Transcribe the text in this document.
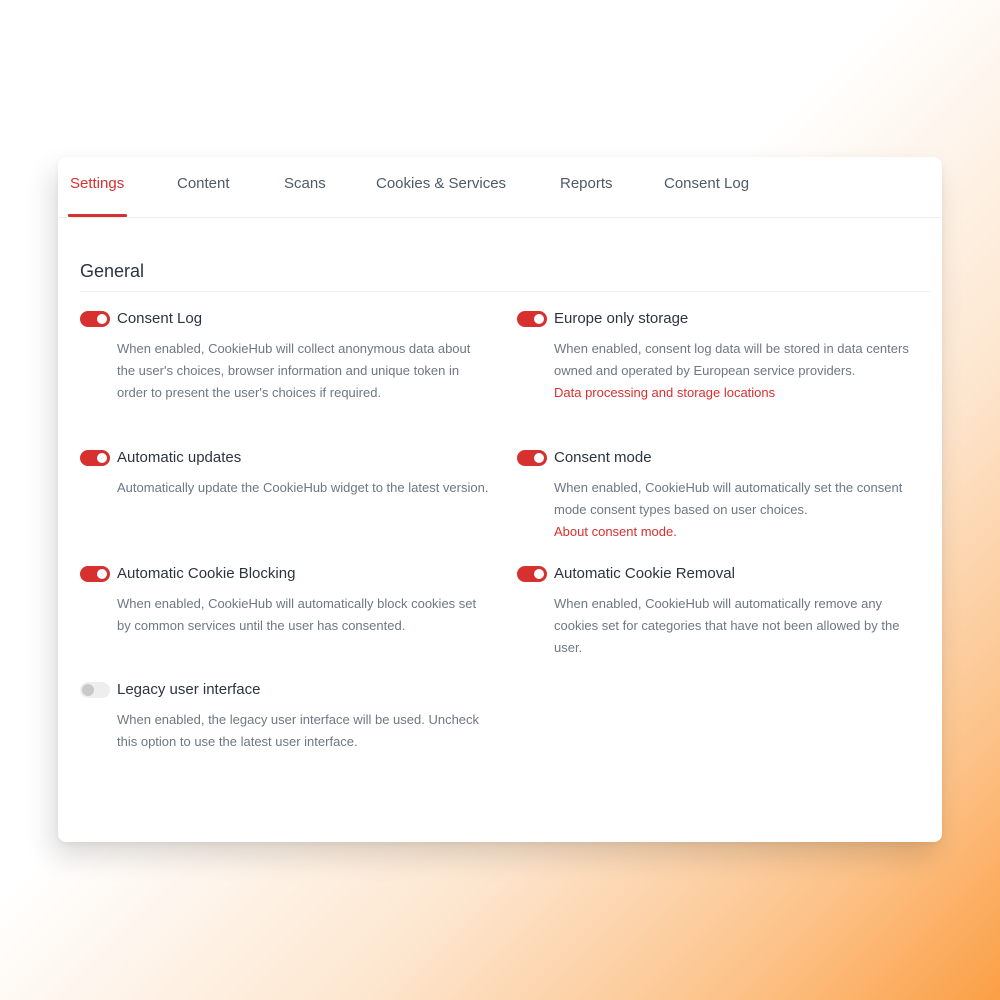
Settings	Content	Scans	Cookies & Services	Reports	Consent Log
General
Consent Log
When enabled, CookieHub will collect anonymous data about the user's choices, browser information and unique token in order to present the user's choices if required.
Europe only storage
When enabled, consent log data will be stored in data centers owned and operated by European service providers.
Data processing and storage locations
Automatic updates
Automatically update the CookieHub widget to the latest version.
Consent mode
When enabled, CookieHub will automatically set the consent mode consent types based on user choices.
About consent mode.
Automatic Cookie Blocking
When enabled, CookieHub will automatically block cookies set by common services until the user has consented.
Automatic Cookie Removal
When enabled, CookieHub will automatically remove any cookies set for categories that have not been allowed by the user.
Legacy user interface
When enabled, the legacy user interface will be used. Uncheck this option to use the latest user interface.
